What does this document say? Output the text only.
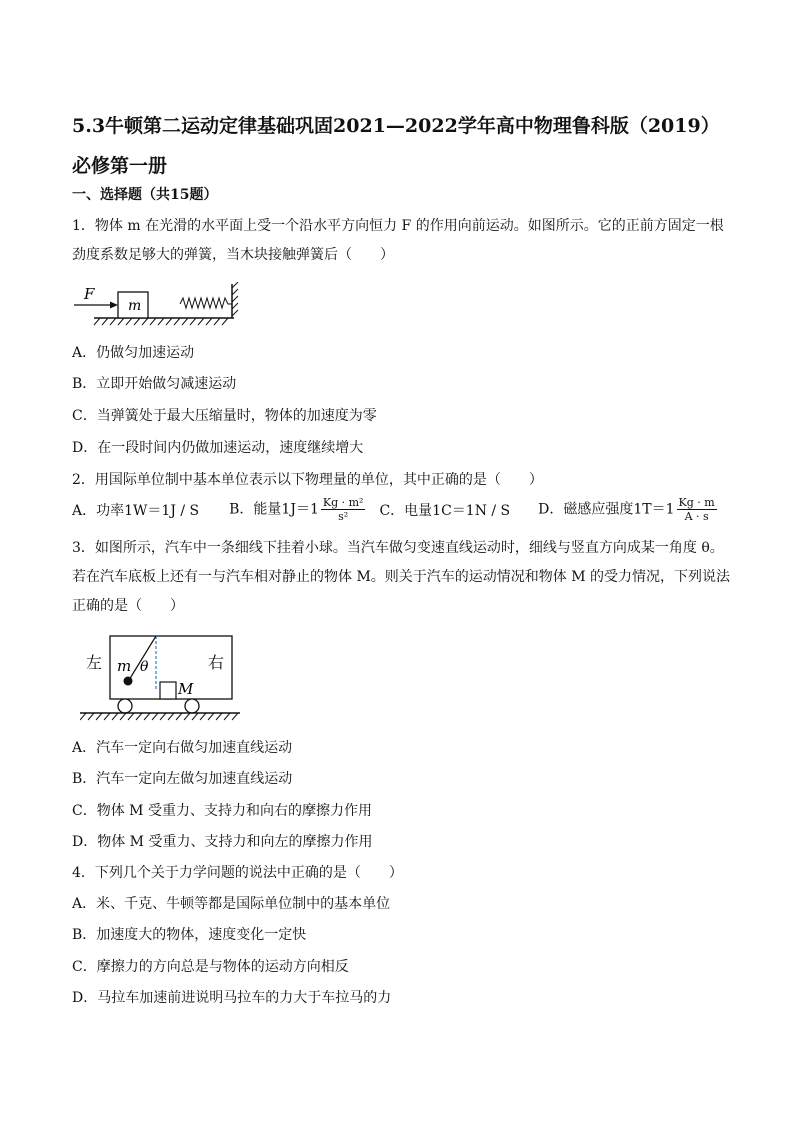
5.3牛顿第二运动定律基础巩固2021—2022学年高中物理鲁科版（2019）必修第一册
一、选择题（共15题）
1．物体 m 在光滑的水平面上受一个沿水平方向恒力 F 的作用向前运动。如图所示。它的正前方固定一根劲度系数足够大的弹簧，当木块接触弹簧后（　　）
F
m
A．仍做匀加速运动
B．立即开始做匀减速运动
C．当弹簧处于最大压缩量时，物体的加速度为零
D．在一段时间内仍做加速运动，速度继续增大
2．用国际单位制中基本单位表示以下物理量的单位，其中正确的是（　　）
A．功率1W＝1J / S B．能量$1J=1 \frac{\text{Kg · m²}}{\text{s²}}$ C．电量1C＝1N / S D．磁感应强度$1T=1 \frac{Kg \cdot m}{A \cdot s}$
3．如图所示，汽车中一条细线下挂着小球。当汽车做匀变速直线运动时，细线与竖直方向成某一角度 θ。若在汽车底板上还有一与汽车相对静止的物体 M。则关于汽车的运动情况和物体 M 的受力情况，下列说法正确的是（　　）
m θ
M
左	右
A．汽车一定向右做匀加速直线运动
B．汽车一定向左做匀加速直线运动
C．物体 M 受重力、支持力和向右的摩擦力作用
D．物体 M 受重力、支持力和向左的摩擦力作用
4．下列几个关于力学问题的说法中正确的是（　　）
A．米、千克、牛顿等都是国际单位制中的基本单位
B．加速度大的物体，速度变化一定快
C．摩擦力的方向总是与物体的运动方向相反
D．马拉车加速前进说明马拉车的力大于车拉马的力
